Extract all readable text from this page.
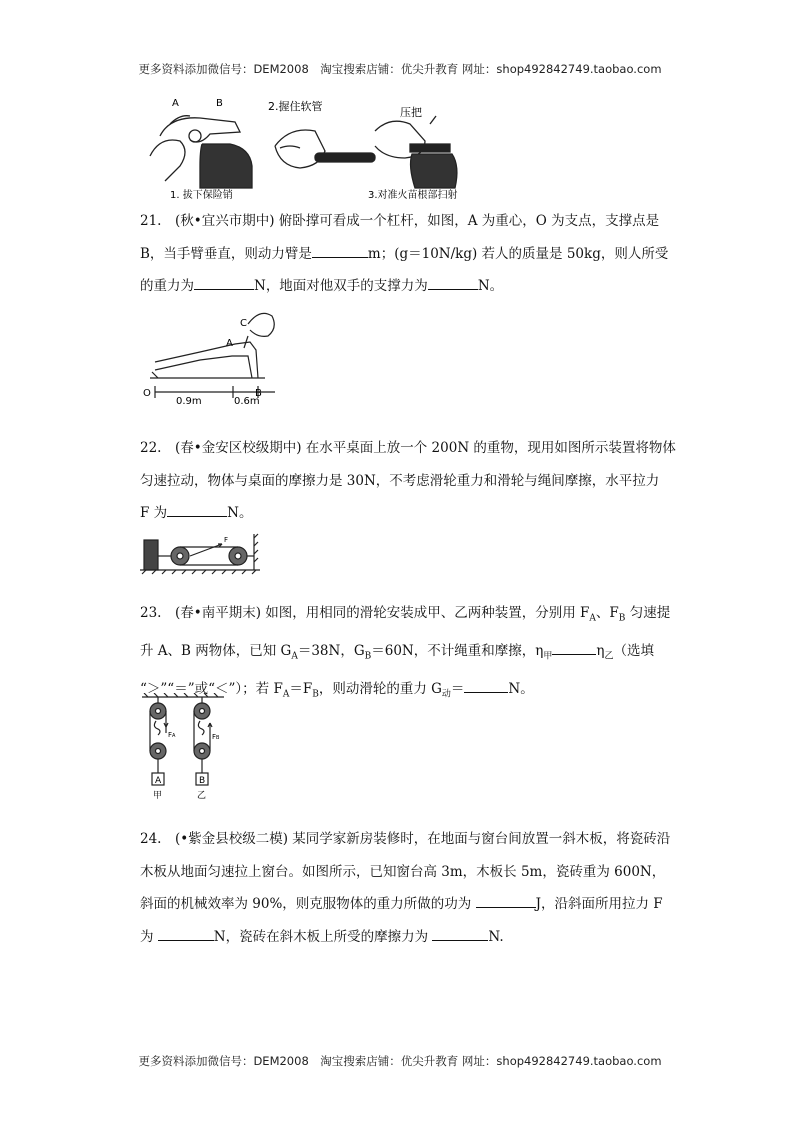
更多资料添加微信号：DEM2008　淘宝搜索店铺：优尖升教育 网址：shop492842749.taobao.com
A	B	2.握住软管	压把
1. 拔下保险销	3.对准火苗根部扫射

21.　(秋•宜兴市期中) 俯卧撑可看成一个杠杆，如图，A 为重心，O 为支点，支撑点是

B，当手臂垂直，则动力臂是	m；(g＝10N/kg) 若人的质量是 50kg，则人所受

的重力为	N，地面对他双手的支撑力为	N。

C
A
O	B
0.9m	0.6m

22.　(春•金安区校级期中) 在水平桌面上放一个 200N 的重物，现用如图所示装置将物体

匀速拉动，物体与桌面的摩擦力是 30N，不考虑滑轮重力和滑轮与绳间摩擦，水平拉力

F 为	N。

F

23.　(春•南平期末) 如图，用相同的滑轮安装成甲、乙两种装置，分别用 $F_A$、$F_B$ 匀速提

升 A、B 两物体，已知 $G_A=38N$，$G_B=60N$，不计绳重和摩擦，$\eta_甲$	$\eta_乙$（选填

“＞”“＝”或“＜”）；若 $F_A=F_B$，则动滑轮的重力 $G_动=$	N。

FA	FB
A	B
甲	乙

24.　(•紫金县校级二模) 某同学家新房装修时，在地面与窗台间放置一斜木板，将瓷砖沿

木板从地面匀速拉上窗台。如图所示，已知窗台高 3m，木板长 5m，瓷砖重为 600N，

斜面的机械效率为 90%，则克服物体的重力所做的功为	J，沿斜面所用拉力 F

为	N，瓷砖在斜木板上所受的摩擦力为	N.

更多资料添加微信号：DEM2008　淘宝搜索店铺：优尖升教育 网址：shop492842749.taobao.com
